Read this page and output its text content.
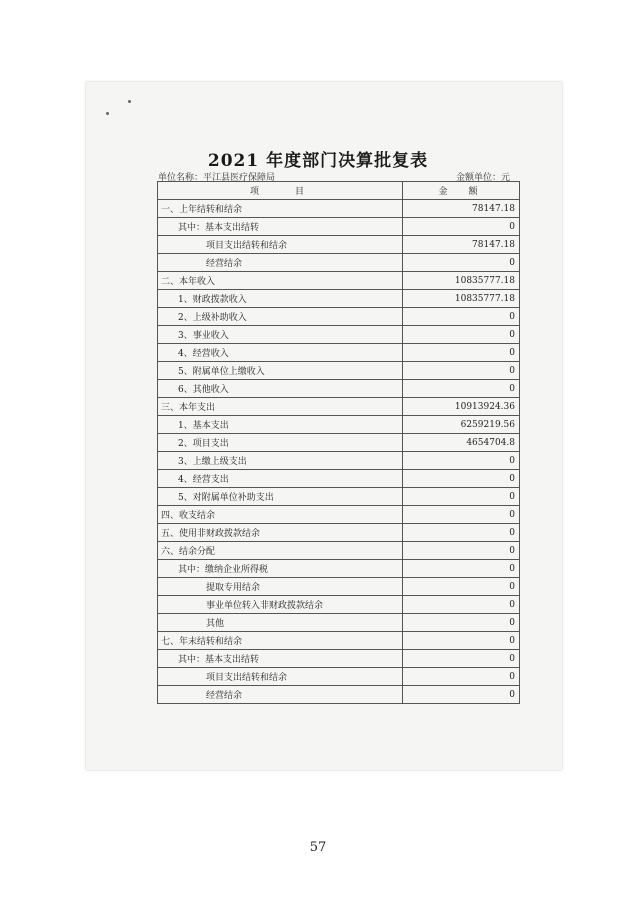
2021 年度部门决算批复表
单位名称：平江县医疗保障局	金额单位：元
项　　目	金　额
一、上年结转和结余	78147.18
其中：基本支出结转	0
项目支出结转和结余	78147.18
经营结余	0
二、本年收入	10835777.18
1、财政拨款收入	10835777.18
2、上级补助收入	0
3、事业收入	0
4、经营收入	0
5、附属单位上缴收入	0
6、其他收入	0
三、本年支出	10913924.36
1、基本支出	6259219.56
2、项目支出	4654704.8
3、上缴上级支出	0
4、经营支出	0
5、对附属单位补助支出	0
四、收支结余	0
五、使用非财政拨款结余	0
六、结余分配	0
其中：缴纳企业所得税	0
提取专用结余	0
事业单位转入非财政拨款结余	0
其他	0
七、年末结转和结余	0
其中：基本支出结转	0
项目支出结转和结余	0
经营结余	0
57
